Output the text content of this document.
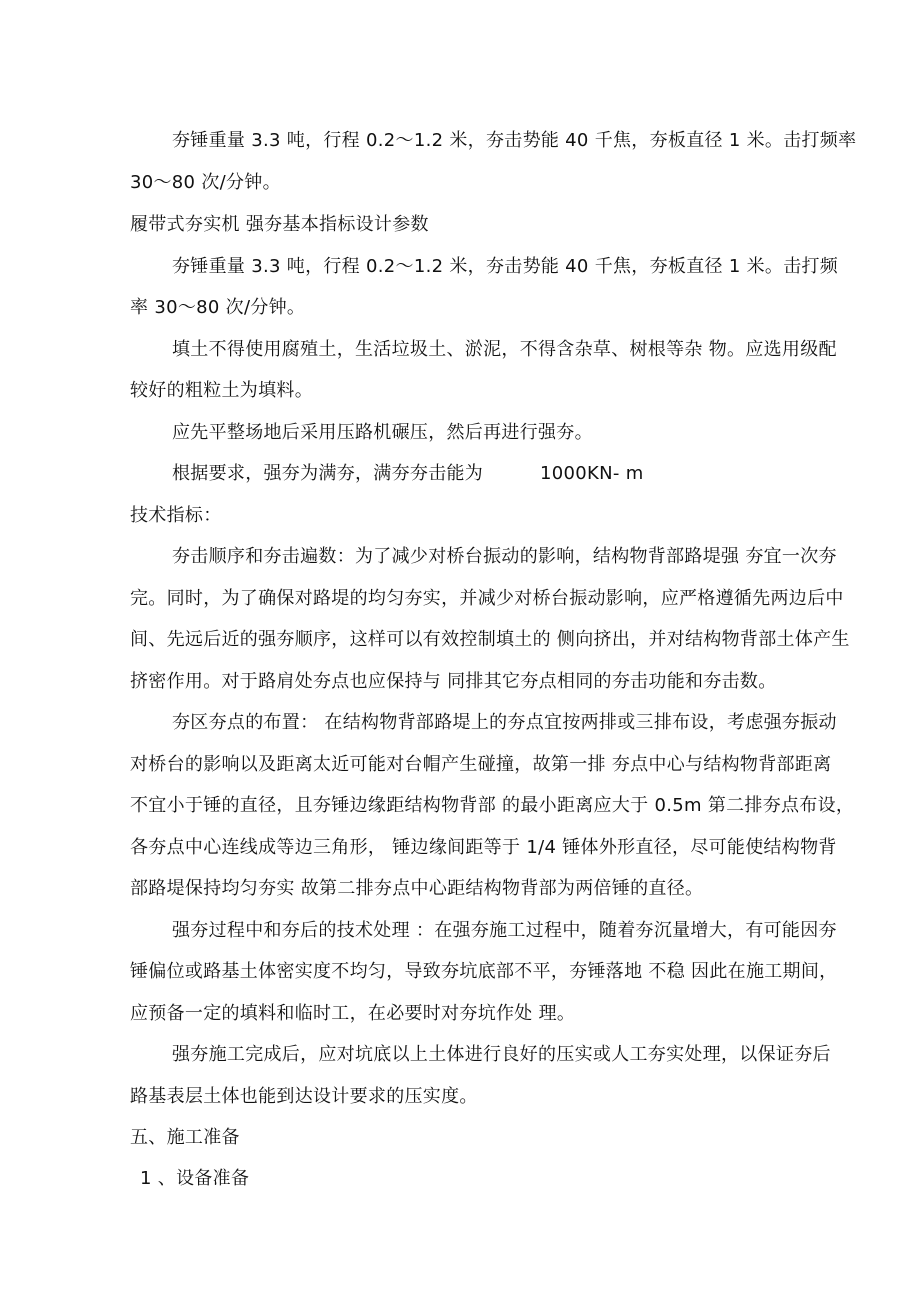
夯锤重量 3.3 吨，行程 0.2～1.2 米，夯击势能 40 千焦，夯板直径 1 米。击打频率
30～80 次/分钟。
履带式夯实机 强夯基本指标设计参数
夯锤重量 3.3 吨，行程 0.2～1.2 米，夯击势能 40 千焦，夯板直径 1 米。击打频
率 30～80 次/分钟。
填土不得使用腐殖土，生活垃圾土、淤泥，不得含杂草、树根等杂 物。应选用级配
较好的粗粒土为填料。
应先平整场地后采用压路机碾压，然后再进行强夯。
根据要求，强夯为满夯，满夯夯击能为	1000KN- m
技术指标：
夯击顺序和夯击遍数：为了减少对桥台振动的影响，结构物背部路堤强 夯宜一次夯
完。同时，为了确保对路堤的均匀夯实，并减少对桥台振动影响，应严格遵循先两边后中
间、先远后近的强夯顺序，这样可以有效控制填土的 侧向挤出，并对结构物背部土体产生
挤密作用。对于路肩处夯点也应保持与 同排其它夯点相同的夯击功能和夯击数。
夯区夯点的布置： 在结构物背部路堤上的夯点宜按两排或三排布设，考虑强夯振动
对桥台的影响以及距离太近可能对台帽产生碰撞，故第一排 夯点中心与结构物背部距离
不宜小于锤的直径，且夯锤边缘距结构物背部 的最小距离应大于 0.5m 第二排夯点布设，
各夯点中心连线成等边三角形， 锤边缘间距等于 1/4 锤体外形直径，尽可能使结构物背
部路堤保持均匀夯实 故第二排夯点中心距结构物背部为两倍锤的直径。
强夯过程中和夯后的技术处理 ：在强夯施工过程中，随着夯沉量增大，有可能因夯
锤偏位或路基土体密实度不均匀，导致夯坑底部不平，夯锤落地 不稳 因此在施工期间，
应预备一定的填料和临时工，在必要时对夯坑作处 理。
强夯施工完成后，应对坑底以上土体进行良好的压实或人工夯实处理，以保证夯后
路基表层土体也能到达设计要求的压实度。
五、施工准备
1 、设备准备
